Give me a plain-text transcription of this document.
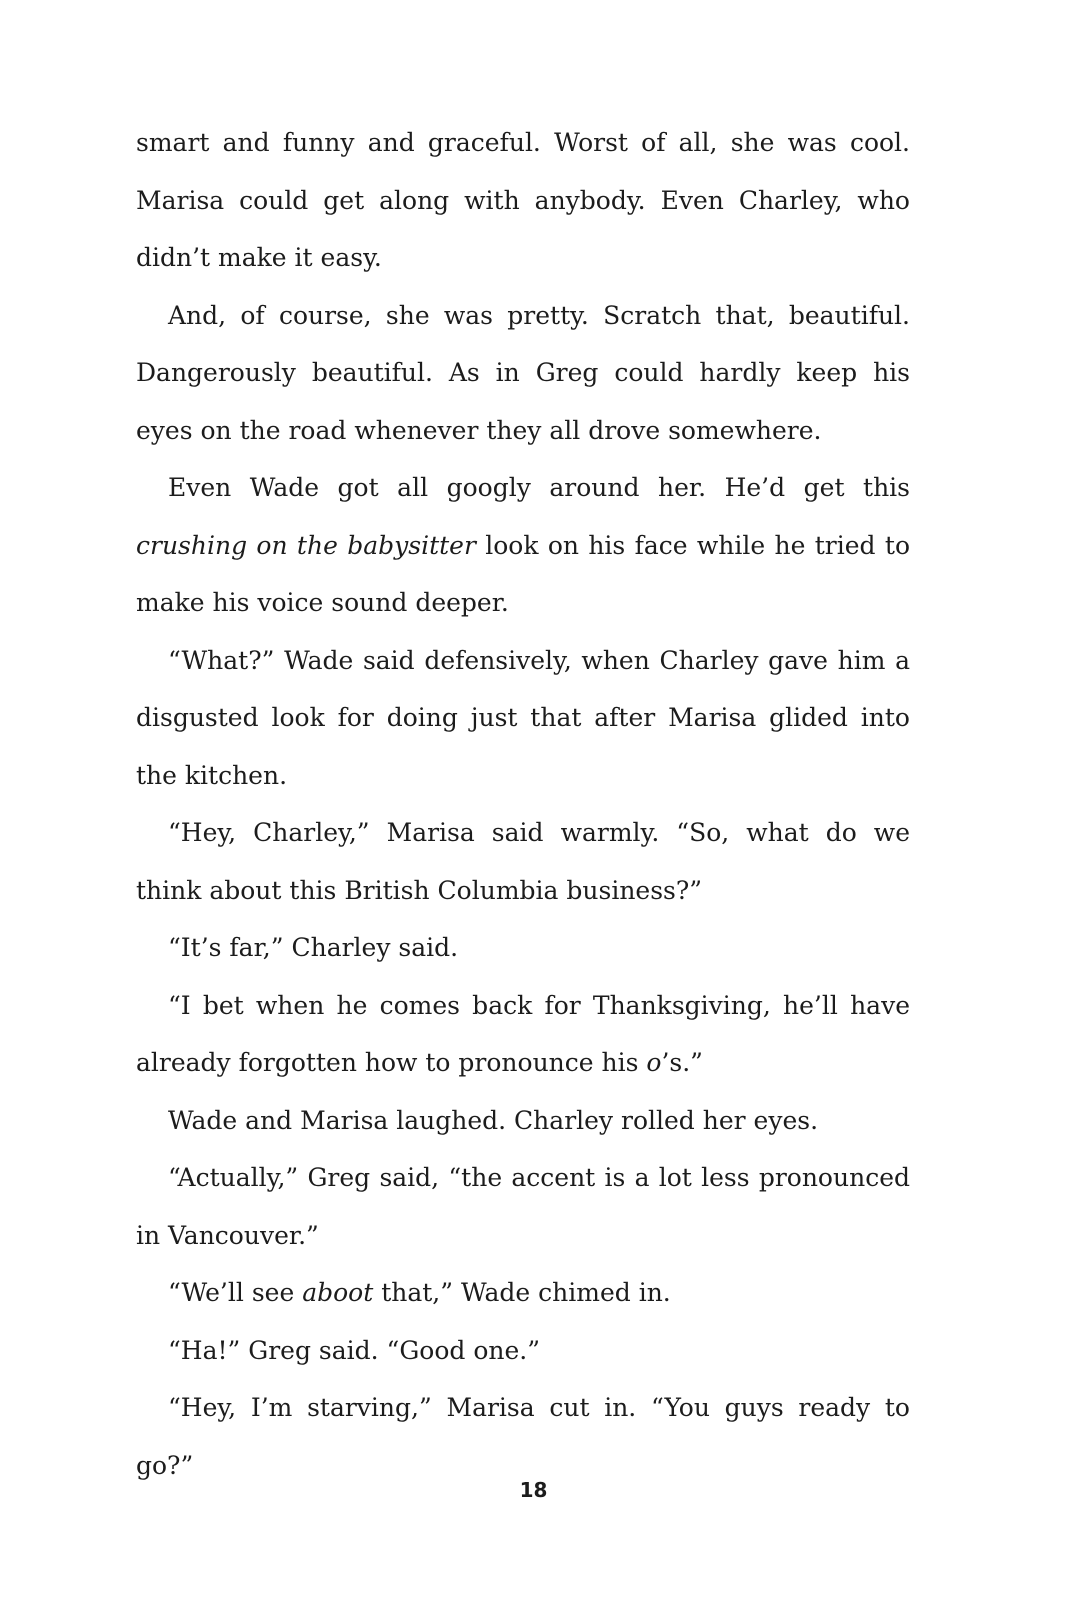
smart and funny and graceful. Worst of all, she was cool. Marisa could get along with anybody. Even Charley, who didn’t make it easy.

And, of course, she was pretty. Scratch that, beautiful. Dangerously beautiful. As in Greg could hardly keep his eyes on the road whenever they all drove somewhere.

Even Wade got all googly around her. He’d get this crushing on the babysitter look on his face while he tried to make his voice sound deeper.

“What?” Wade said defensively, when Charley gave him a disgusted look for doing just that after Marisa glided into the kitchen.

“Hey, Charley,” Marisa said warmly. “So, what do we think about this British Columbia business?”

“It’s far,” Charley said.

“I bet when he comes back for Thanksgiving, he’ll have already forgotten how to pronounce his o’s.”

Wade and Marisa laughed. Charley rolled her eyes.

“Actually,” Greg said, “the accent is a lot less pronounced in Vancouver.”

“We’ll see aboot that,” Wade chimed in.

“Ha!” Greg said. “Good one.”

“Hey, I’m starving,” Marisa cut in. “You guys ready to go?”

18
